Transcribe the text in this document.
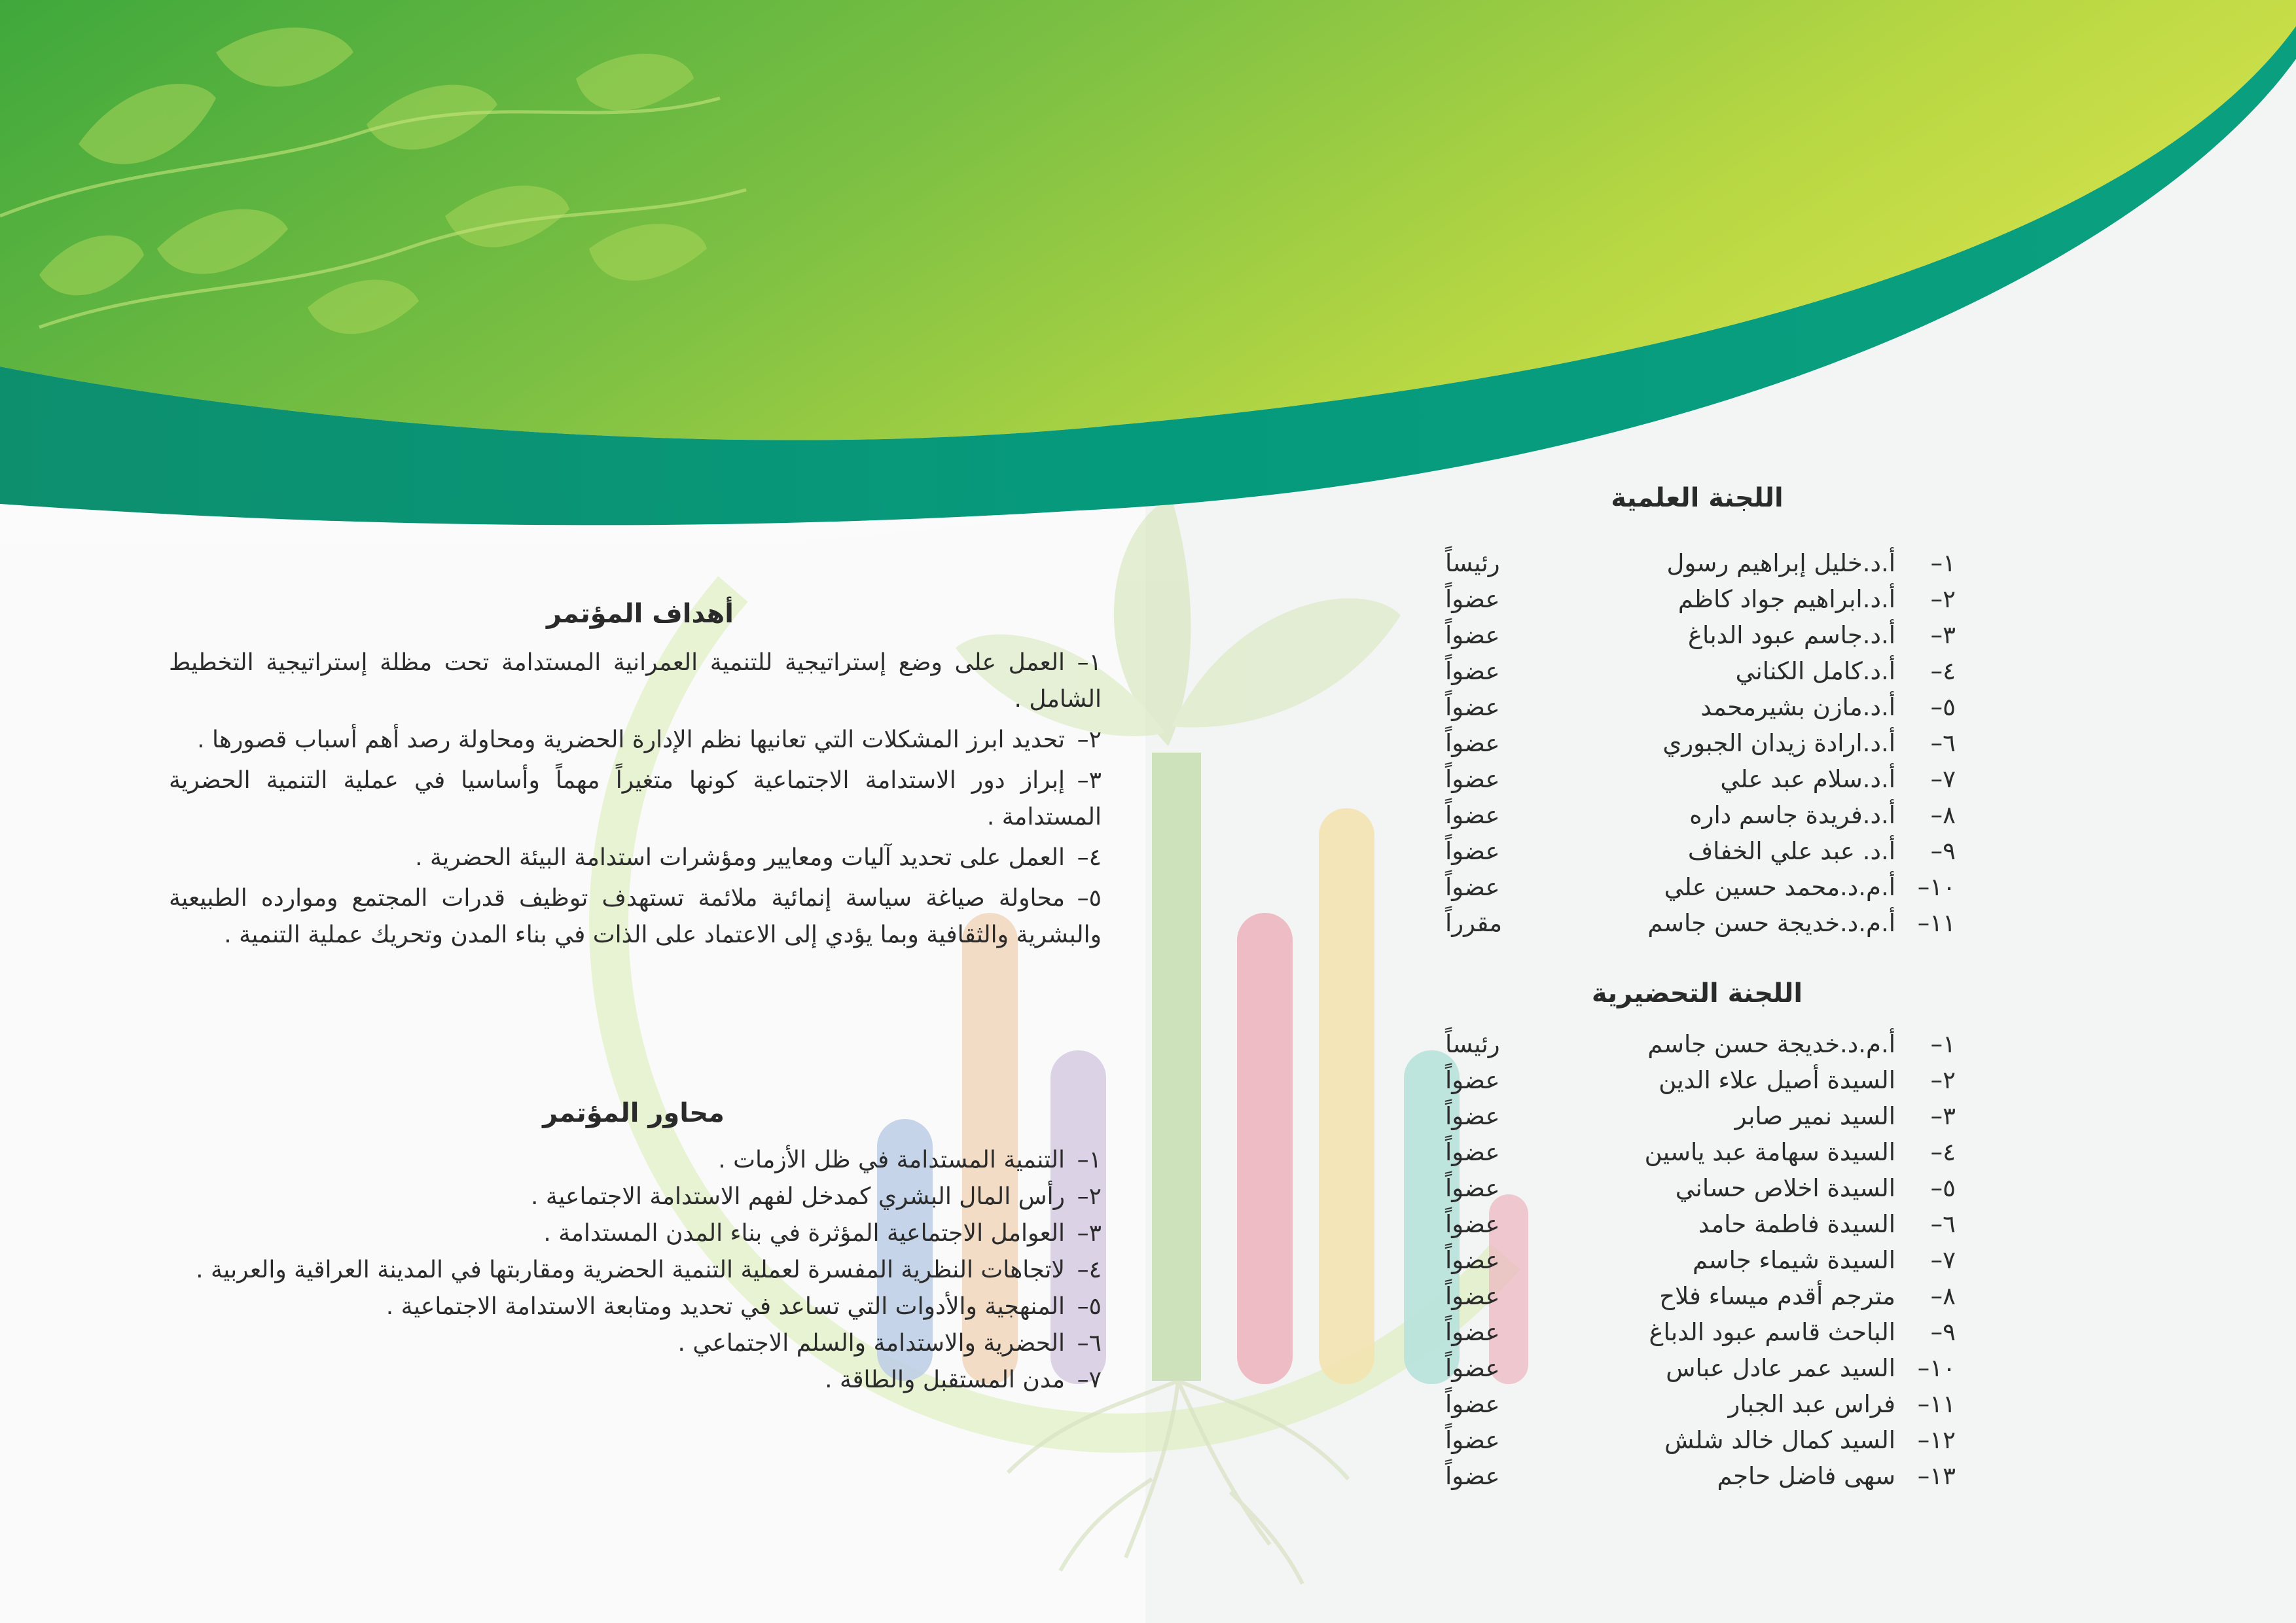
اللجنة العلمية
١–
أ.د.خليل إبراهيم رسول
رئيساً
٢–
أ.د.ابراهيم جواد كاظم
عضواً
٣–
أ.د.جاسم عبود الدباغ
عضواً
٤–
أ.د.كامل الكناني
عضواً
٥–
أ.د.مازن بشيرمحمد
عضواً
٦–
أ.د.ارادة زيدان الجبوري
عضواً
٧–
أ.د.سلام عبد علي
عضواً
٨–
أ.د.فريدة جاسم داره
عضواً
٩–
أ.د. عبد علي الخفاف
عضواً
١٠–
أ.م.د.محمد حسين علي
عضواً
١١–
أ.م.د.خديجة حسن جاسم
مقرراً
اللجنة التحضيرية
١–
أ.م.د.خديجة حسن جاسم
رئيساً
٢–
السيدة أصيل علاء الدين
عضواً
٣–
السيد نمير صابر
عضواً
٤–
السيدة سهامة عبد ياسين
عضواً
٥–
السيدة اخلاص حساني
عضواً
٦–
السيدة فاطمة حامد
عضواً
٧–
السيدة شيماء جاسم
عضواً
٨–
مترجم أقدم ميساء فلاح
عضواً
٩–
الباحث قاسم عبود الدباغ
عضواً
١٠–
السيد عمر عادل عباس
عضواً
١١–
فراس عبد الجبار
عضواً
١٢–
السيد كمال خالد شلش
عضواً
١٣–
سهى فاضل حاجم
عضواً
أهداف المؤتمر
١–العمل على وضع إستراتيجية للتنمية العمرانية المستدامة تحت مظلة إستراتيجية التخطيط الشامل .
٢–تحديد ابرز المشكلات التي تعانيها نظم الإدارة الحضرية ومحاولة رصد أهم أسباب قصورها .
٣–إبراز دور الاستدامة الاجتماعية كونها متغيراً مهماً وأساسيا في عملية التنمية الحضرية المستدامة .
٤–العمل على تحديد آليات ومعايير ومؤشرات استدامة البيئة الحضرية .
٥–محاولة صياغة سياسة إنمائية ملائمة تستهدف توظيف قدرات المجتمع وموارده الطبيعية والبشرية والثقافية وبما يؤدي إلى الاعتماد على الذات في بناء المدن وتحريك عملية التنمية .
محاور المؤتمر
١–التنمية المستدامة في ظل الأزمات .
٢–رأس المال البشري كمدخل لفهم الاستدامة الاجتماعية .
٣–العوامل الاجتماعية المؤثرة في بناء المدن المستدامة .
٤–لاتجاهات النظرية المفسرة لعملية التنمية الحضرية ومقاربتها في المدينة العراقية والعربية .
٥–المنهجية والأدوات التي تساعد في تحديد ومتابعة الاستدامة الاجتماعية .
٦–الحضرية والاستدامة والسلم الاجتماعي .
٧–مدن المستقبل والطاقة .
